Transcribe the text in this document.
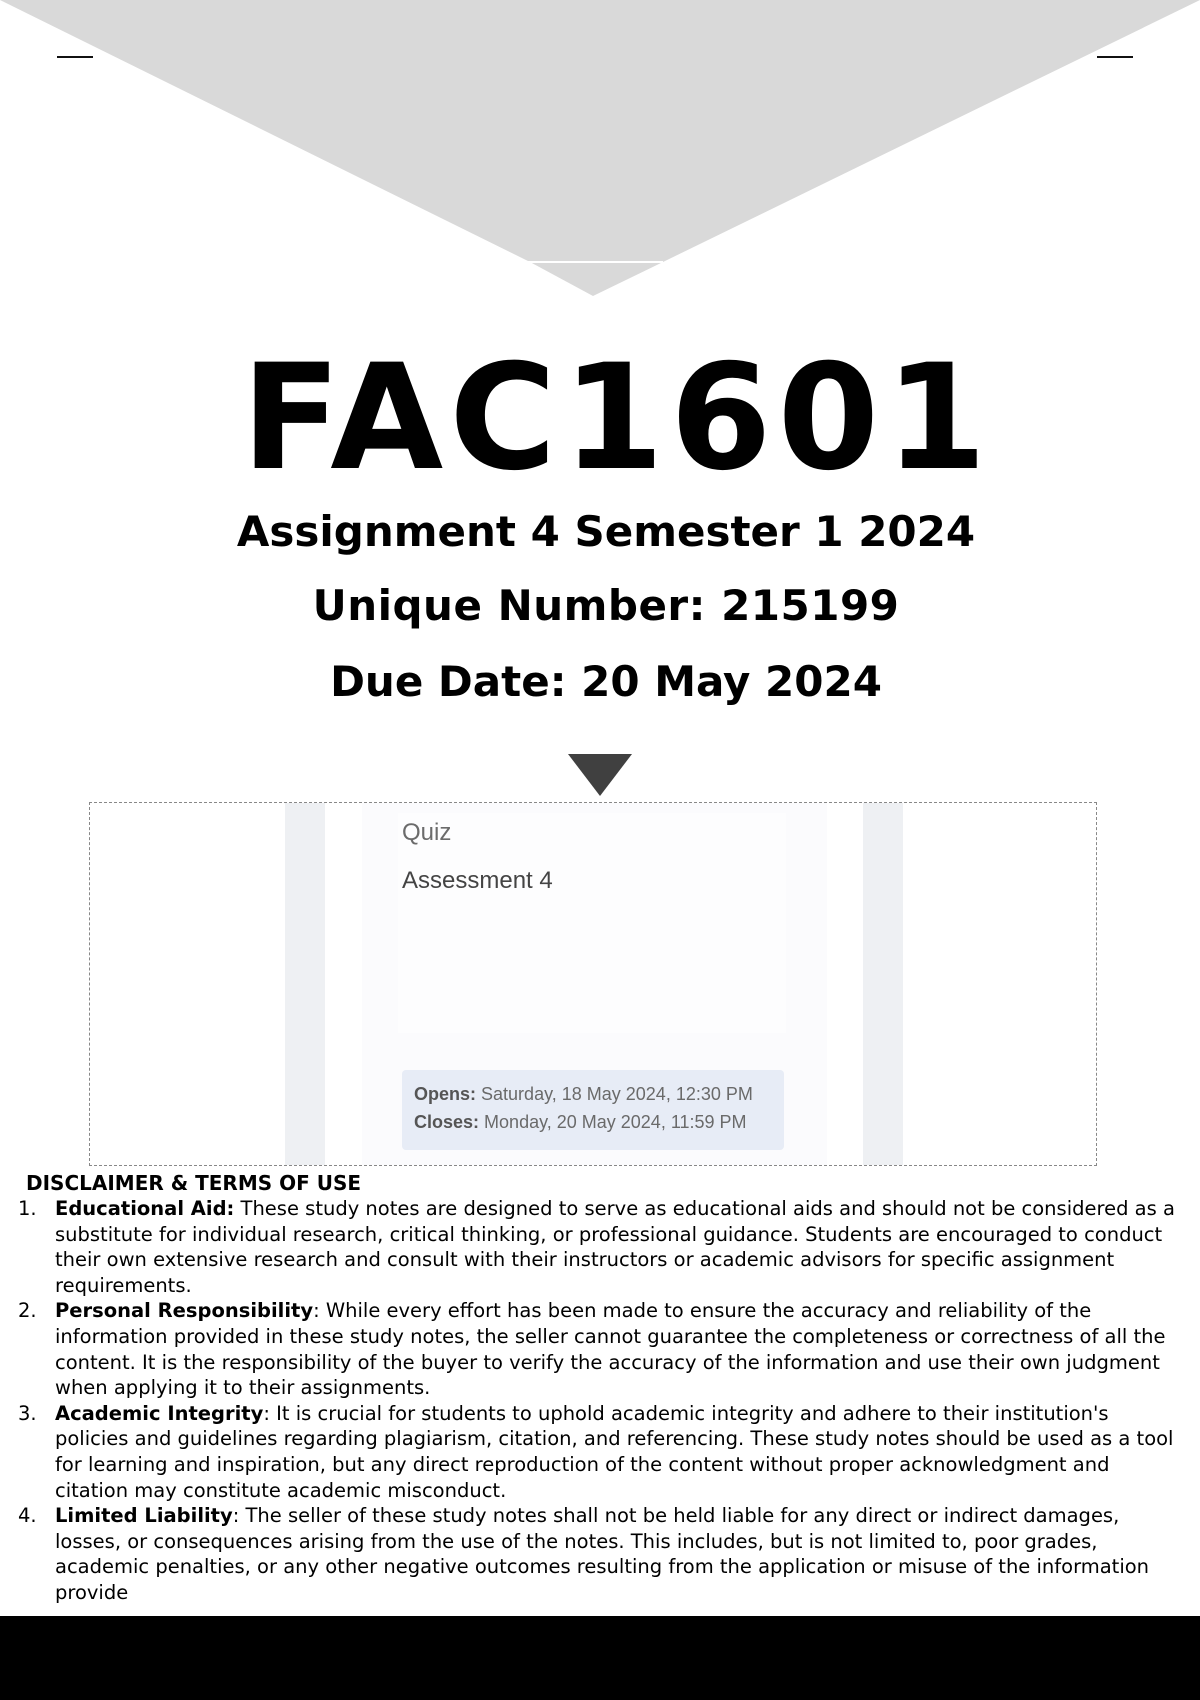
FAC1601
Assignment 4 Semester 1 2024
Unique Number: 215199
Due Date: 20 May 2024
Quiz
Assessment 4
Opens: Saturday, 18 May 2024, 12:30 PM
Closes: Monday, 20 May 2024, 11:59 PM
DISCLAIMER & TERMS OF USE
1. Educational Aid: These study notes are designed to serve as educational aids and should not be considered as a substitute for individual research, critical thinking, or professional guidance. Students are encouraged to conduct their own extensive research and consult with their instructors or academic advisors for specific assignment requirements.
2. Personal Responsibility: While every effort has been made to ensure the accuracy and reliability of the information provided in these study notes, the seller cannot guarantee the completeness or correctness of all the content. It is the responsibility of the buyer to verify the accuracy of the information and use their own judgment when applying it to their assignments.
3. Academic Integrity: It is crucial for students to uphold academic integrity and adhere to their institution's policies and guidelines regarding plagiarism, citation, and referencing. These study notes should be used as a tool for learning and inspiration, but any direct reproduction of the content without proper acknowledgment and citation may constitute academic misconduct.
4. Limited Liability: The seller of these study notes shall not be held liable for any direct or indirect damages, losses, or consequences arising from the use of the notes. This includes, but is not limited to, poor grades, academic penalties, or any other negative outcomes resulting from the application or misuse of the information provide
